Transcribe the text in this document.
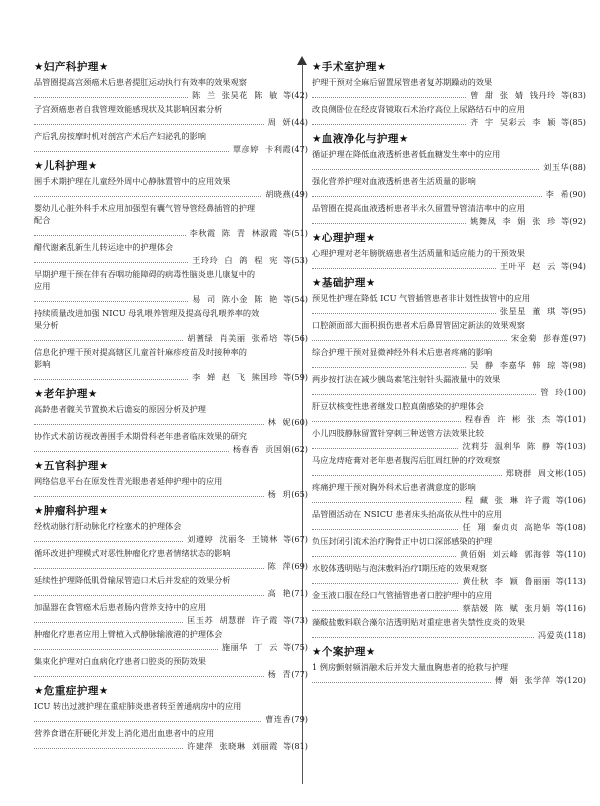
★妇产科护理★
品管圈提高宫颈癌术后患者提肛运动执行有效率的效果观察
陈  兰  张昊花  陈  敏 等 (42)
子宫颈癌患者自我管理效能感现状及其影响因素分析
周  妍 (44)
产后乳房按摩时机对剖宫产术后产妇泌乳的影响
覃彦婷  卡利霞 (47)
★儿科护理★
围手术期护理在儿童经外周中心静脉置管中的应用效果
胡晓燕 (49)
婴幼儿心脏外科手术应用加强型有囊气管导管经鼻插管的护理
配合
李秋霞  陈  青  林淑霞 等 (51)
醋代谢紊乱新生儿转运途中的护理体会
王玲玲  白  鸽  程  宪 等 (53)
早期护理干预在伴有吞咽功能障碍的病毒性脑炎患儿康复中的
应用
易  司  陈小金  陈  艳 等 (54)
持续质量改进加强 NICU 母乳喂养管理及提高母乳喂养率的效
果分析
胡蓍绿  肖美丽  张希培 等 (56)
信息化护理干预对提高辖区儿童首针麻疹疫苗及时接种率的
影响
李  婵  赵  飞  熊国珍 等 (59)
★老年护理★
高龄患者髋关节置换术后谵妄的原因分析及护理
林  妮 (60)
协作式术前访视改善围手术期骨科老年患者临床效果的研究
杨春香  贡国娟 (62)
★五官科护理★
网络信息平台在原发性青光眼患者延伸护理中的应用
杨  玥 (65)
★肿瘤科护理★
经枕动脉行肝动脉化疗栓塞术的护理体会
刘遵婷  沈丽冬  王镜林 等 (67)
循环改进护理模式对恶性肿瘤化疗患者情绪状态的影响
陈  萍 (69)
延续性护理降低肌骨输尿管造口术后并发症的效果分析
高  艳 (71)
加温器在食管癌术后患者肠内营养支持中的应用
匡玉苏  胡慧群  许子霞 等 (73)
肿瘤化疗患者应用上臂植入式静脉输液港的护理体会
施丽华  丁  云 等 (75)
集束化护理对白血病化疗患者口腔炎的预防效果
杨  青 (77)
★危重症护理★
ICU 转出过渡护理在重症肺炎患者转至普通病房中的应用
曹连香 (79)
营养食谱在肝硬化并发上消化道出血患者中的应用
许建萍  张晓琳  刘丽霞 等 (81)
★手术室护理★
护理干预对全麻后留置尿管患者复苏期躁动的效果
曾  甜  张  婧  钱丹玲 等 (83)
改良侧卧位在经皮肾镜取石术治疗高位上尿路结石中的应用
齐  宇  吴彩云  李  颖 等 (85)
★血液净化与护理★
循证护理在降低血液透析患者低血糖发生率中的应用
刘玉华 (88)
强化营养护理对血液透析患者生活质量的影响
李  希 (90)
品管圈在提高血液透析患者半永久留置导管清洁率中的应用
姚舞凤  李  娟  张  珍 等 (92)
★心理护理★
心理护理对老年膀胱癌患者生活质量和适应能力的干预效果
王叶平  赵  云 等 (94)
★基础护理★
预见性护理在降低 ICU 气管插管患者非计划性拔管中的应用
张星星  董  琪 等 (95)
口腔颌面部大面积损伤患者术后鼻胃管固定新法的效果观察
宋金菊  彭春莲 (97)
综合护理干预对显微神经外科术后患者疼痛的影响
吴  静  李嘉华  韩  琼 等 (98)
两步按打法在减少胰岛素笔注射针头漏液量中的效果
管  玲 (100)
肝豆状核变性患者继发口腔真菌感染的护理体会
程春香  许  彬  张  杰 等 (101)
小儿四肢静脉留置针穿刺三种送管方法效果比较
沈莉芬  温利华  陈  静 等 (103)
马应龙痔疮膏对老年患者腹泻后肛周红肿的疗效观察
郑晓群  周文彬 (105)
疼痛护理干预对胸外科术后患者满意度的影响
程  藏  张  琳  许子霞 等 (106)
品管圈活动在 NSICU 患者床头抬高依从性中的应用
任  翔  秦贞贞  高艳华 等 (108)
负压封闭引流术治疗胸骨正中切口深部感染的护理
黄佰娟  刘云峰  郭海蓉 等 (110)
水胶体透明贴与泡沫敷料治疗Ⅰ期压疮的效果观察
黄仕秋  李  颖  鲁丽丽 等 (113)
金玉液口服在经口气管插管患者口腔护理中的应用
蔡喆媛  陈  赋  张月娟 等 (116)
藻酸盐敷料联合藻尔洁透明贴对重症患者失禁性皮炎的效果
冯爱英 (118)
★个案护理★
1 例房颤射频消融术后并发大量血胸患者的抢救与护理
傅  娟  张学萍 等 (120)
